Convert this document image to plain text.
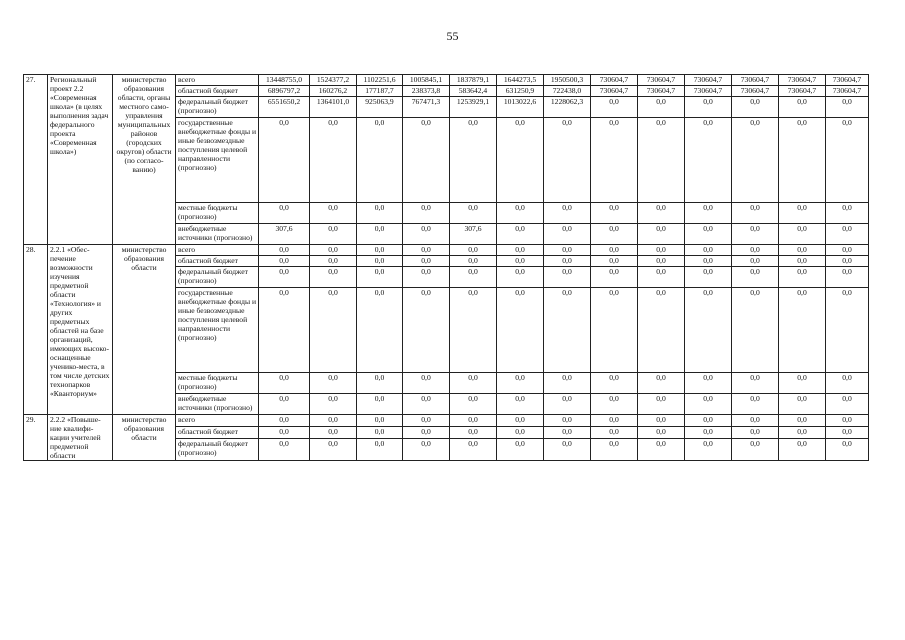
55
27.	Региональный проект 2.2 «Современная школа» (в целях выполнения задач федерального проекта «Современная школа»)	министерство образования области, органы местного само-управления муниципальных районов (городских округов) области (по согласо-ванию)	всего	13448755,0	1524377,2	1102251,6	1005845,1	1837879,1	1644273,5	1950500,3	730604,7	730604,7	730604,7	730604,7	730604,7	730604,7
			областной бюджет	6896797,2	160276,2	177187,7	238373,8	583642,4	631250,9	722438,0	730604,7	730604,7	730604,7	730604,7	730604,7	730604,7
			федеральный бюджет (прогнозно)	6551650,2	1364101,0	925063,9	767471,3	1253929,1	1013022,6	1228062,3	0,0	0,0	0,0	0,0	0,0	0,0
			государственные внебюджетные фонды и иные безвозмездные поступления целевой направленности (прогнозно)	0,0	0,0	0,0	0,0	0,0	0,0	0,0	0,0	0,0	0,0	0,0	0,0	0,0
			местные бюджеты (прогнозно)	0,0	0,0	0,0	0,0	0,0	0,0	0,0	0,0	0,0	0,0	0,0	0,0	0,0
			внебюджетные источники (прогнозно)	307,6	0,0	0,0	0,0	307,6	0,0	0,0	0,0	0,0	0,0	0,0	0,0	0,0
28.	2.2.1 «Обес-печение возможности изучения предметной области «Технология» и других предметных областей на базе организаций, имеющих высоко-оснащенные ученико-места, в том числе детских технопарков «Кванториум»	министерство образования области	всего	0,0	0,0	0,0	0,0	0,0	0,0	0,0	0,0	0,0	0,0	0,0	0,0	0,0
			областной бюджет	0,0	0,0	0,0	0,0	0,0	0,0	0,0	0,0	0,0	0,0	0,0	0,0	0,0
			федеральный бюджет (прогнозно)	0,0	0,0	0,0	0,0	0,0	0,0	0,0	0,0	0,0	0,0	0,0	0,0	0,0
			государственные внебюджетные фонды и иные безвозмездные поступления целевой направленности (прогнозно)	0,0	0,0	0,0	0,0	0,0	0,0	0,0	0,0	0,0	0,0	0,0	0,0	0,0
			местные бюджеты (прогнозно)	0,0	0,0	0,0	0,0	0,0	0,0	0,0	0,0	0,0	0,0	0,0	0,0	0,0
			внебюджетные источники (прогнозно)	0,0	0,0	0,0	0,0	0,0	0,0	0,0	0,0	0,0	0,0	0,0	0,0	0,0
29.	2.2.2 «Повыше-ние квалифи-кации учителей предметной области	министерство образования области	всего	0,0	0,0	0,0	0,0	0,0	0,0	0,0	0,0	0,0	0,0	0,0	0,0	0,0
			областной бюджет	0,0	0,0	0,0	0,0	0,0	0,0	0,0	0,0	0,0	0,0	0,0	0,0	0,0
			федеральный бюджет (прогнозно)	0,0	0,0	0,0	0,0	0,0	0,0	0,0	0,0	0,0	0,0	0,0	0,0	0,0
